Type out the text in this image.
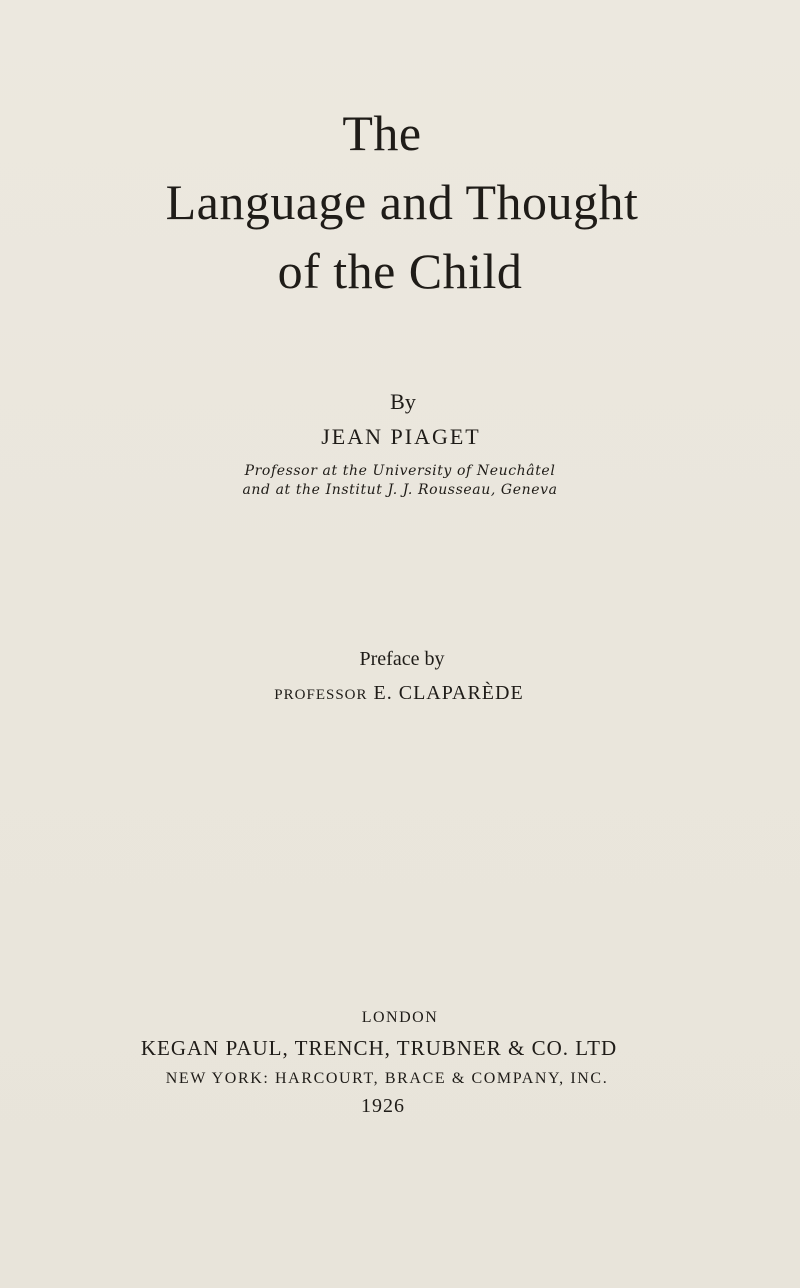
The
Language and Thought
of the Child
By
JEAN PIAGET
Professor at the University of Neuchâtel
and at the Institut J. J. Rousseau, Geneva
Preface by
PROFESSOR E. CLAPARÈDE
LONDON
KEGAN PAUL, TRENCH, TRUBNER & CO. LTD
NEW YORK: HARCOURT, BRACE & COMPANY, INC.
1926
